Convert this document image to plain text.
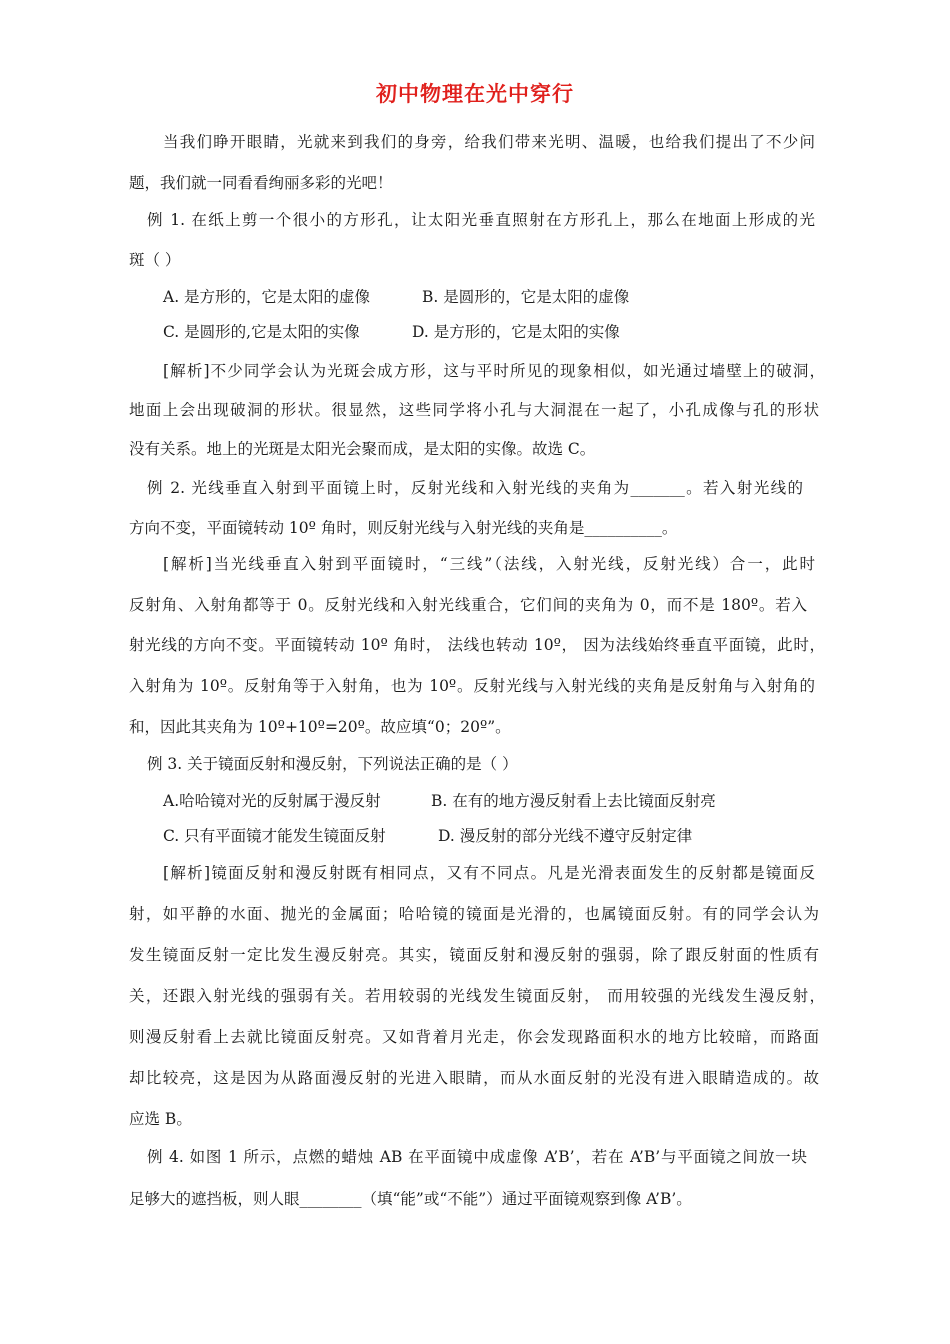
初中物理在光中穿行
当我们睁开眼睛，光就来到我们的身旁，给我们带来光明、温暖，也给我们提出了不少问
题，我们就一同看看绚丽多彩的光吧！
例 1. 在纸上剪一个很小的方形孔，让太阳光垂直照射在方形孔上，那么在地面上形成的光
斑（ ）
A. 是方形的，它是太阳的虚像	B. 是圆形的，它是太阳的虚像
C. 是圆形的,它是太阳的实像	D. 是方形的，它是太阳的实像
[解析]不少同学会认为光斑会成方形，这与平时所见的现象相似，如光通过墙壁上的破洞，
地面上会出现破洞的形状。很显然，这些同学将小孔与大洞混在一起了，小孔成像与孔的形状
没有关系。地上的光斑是太阳光会聚而成，是太阳的实像。故选 C。
例 2. 光线垂直入射到平面镜上时，反射光线和入射光线的夹角为_______。若入射光线的
方向不变，平面镜转动 10º 角时，则反射光线与入射光线的夹角是__________。
[解析]当光线垂直入射到平面镜时，“三线”（法线，入射光线，反射光线）合一，此时
反射角、入射角都等于 0。反射光线和入射光线重合，它们间的夹角为 0，而不是 180º。若入
射光线的方向不变。平面镜转动 10º 角时， 法线也转动 10º， 因为法线始终垂直平面镜，此时，
入射角为 10º。反射角等于入射角，也为 10º。反射光线与入射光线的夹角是反射角与入射角的
和，因此其夹角为 10º+10º=20º。故应填“0；20º”。
例 3. 关于镜面反射和漫反射，下列说法正确的是（ ）
A.哈哈镜对光的反射属于漫反射	B. 在有的地方漫反射看上去比镜面反射亮
C. 只有平面镜才能发生镜面反射	D. 漫反射的部分光线不遵守反射定律
[解析]镜面反射和漫反射既有相同点，又有不同点。凡是光滑表面发生的反射都是镜面反
射，如平静的水面、抛光的金属面；哈哈镜的镜面是光滑的，也属镜面反射。有的同学会认为
发生镜面反射一定比发生漫反射亮。其实，镜面反射和漫反射的强弱，除了跟反射面的性质有
关，还跟入射光线的强弱有关。若用较弱的光线发生镜面反射， 而用较强的光线发生漫反射，
则漫反射看上去就比镜面反射亮。又如背着月光走，你会发现路面积水的地方比较暗，而路面
却比较亮，这是因为从路面漫反射的光进入眼睛，而从水面反射的光没有进入眼睛造成的。故
应选 B。
例 4. 如图 1 所示，点燃的蜡烛 AB 在平面镜中成虚像 A’B’，若在 A’B’与平面镜之间放一块
足够大的遮挡板，则人眼________（填“能”或“不能”）通过平面镜观察到像 A’B’。
